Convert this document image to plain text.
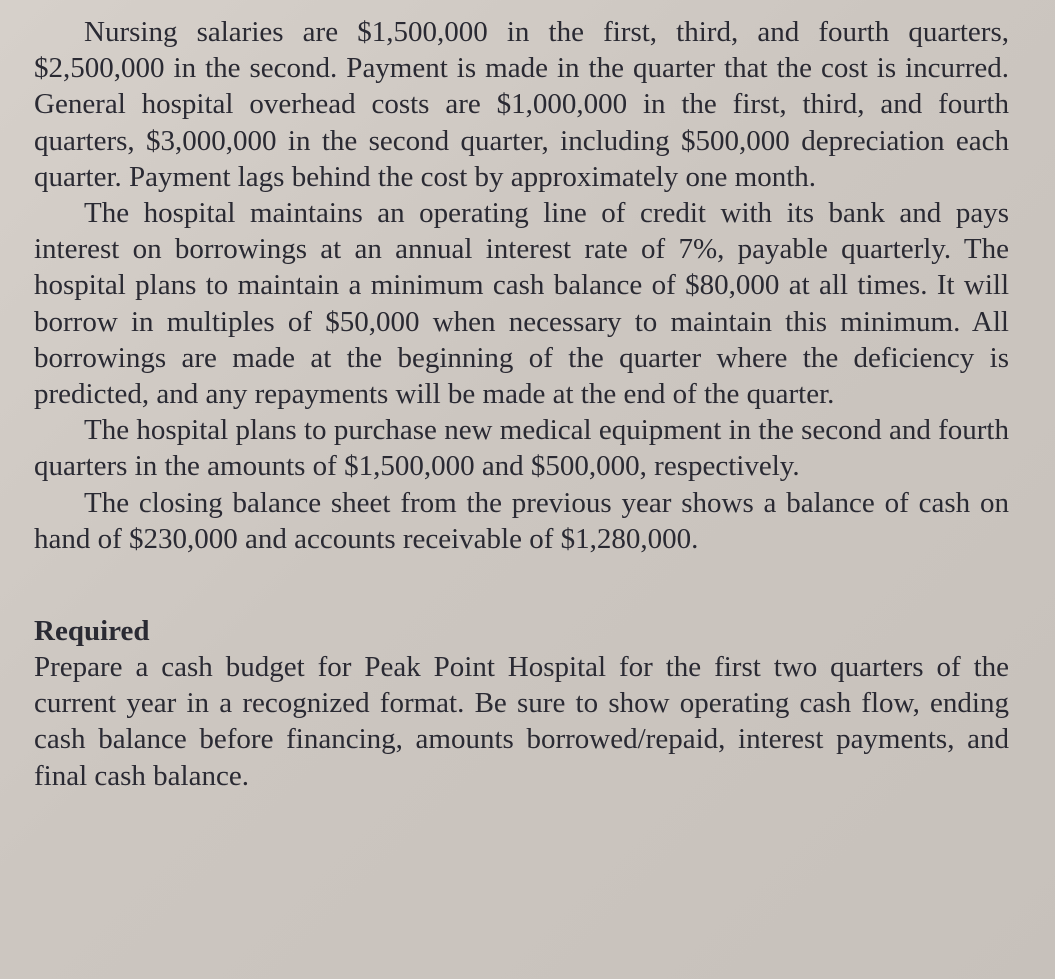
Nursing salaries are $1,500,000 in the first, third, and fourth quarters, $2,500,000 in the second. Payment is made in the quarter that the cost is incurred. General hospital overhead costs are $1,000,000 in the first, third, and fourth quarters, $3,000,000 in the second quarter, including $500,000 depreciation each quarter. Payment lags behind the cost by approximately one month.

The hospital maintains an operating line of credit with its bank and pays interest on borrowings at an annual interest rate of 7%, payable quarterly. The hospital plans to maintain a minimum cash balance of $80,000 at all times. It will borrow in multiples of $50,000 when necessary to maintain this minimum. All borrowings are made at the beginning of the quarter where the deficiency is predicted, and any repayments will be made at the end of the quarter.

The hospital plans to purchase new medical equipment in the second and fourth quarters in the amounts of $1,500,000 and $500,000, respectively.

The closing balance sheet from the previous year shows a balance of cash on hand of $230,000 and accounts receivable of $1,280,000.

Required

Prepare a cash budget for Peak Point Hospital for the first two quarters of the current year in a recognized format. Be sure to show operating cash flow, ending cash balance before financing, amounts borrowed/repaid, interest payments, and final cash balance.
